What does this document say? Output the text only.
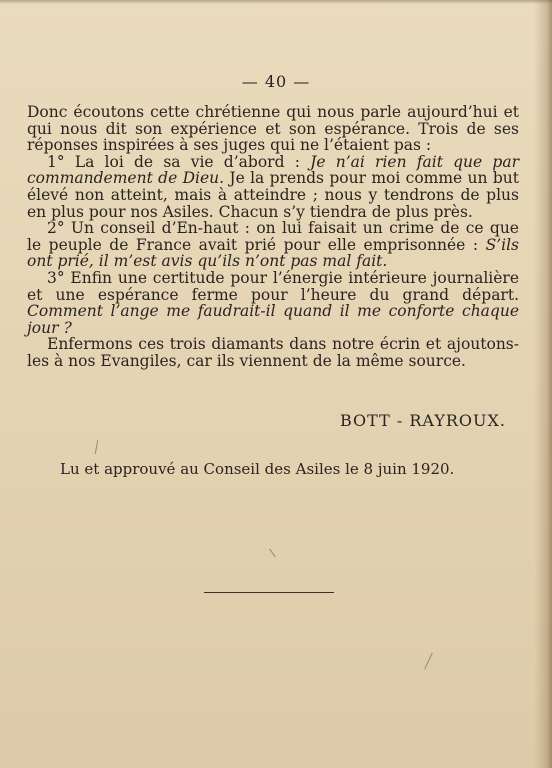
— 40 —

Donc écoutons cette chrétienne qui nous parle aujourd’hui et qui nous dit son expérience et son espérance. Trois de ses réponses inspirées à ses juges qui ne l’étaient pas :

1° La loi de sa vie d’abord : Je n’ai rien fait que par commandement de Dieu. Je la prends pour moi comme un but élevé non atteint, mais à atteindre ; nous y tendrons de plus en plus pour nos Asiles. Chacun s’y tiendra de plus près.

2° Un conseil d’En-haut : on lui faisait un crime de ce que le peuple de France avait prié pour elle emprisonnée : S’ils ont prié, il m’est avis qu’ils n’ont pas mal fait.

3° Enfin une certitude pour l’énergie intérieure journalière et une espérance ferme pour l’heure du grand départ. Comment l’ange me faudrait-il quand il me conforte chaque jour ?

Enfermons ces trois diamants dans notre écrin et ajoutons-les à nos Evangiles, car ils viennent de la même source.

BOTT - RAYROUX.
Lu et approuvé au Conseil des Asiles le 8 juin 1920.
